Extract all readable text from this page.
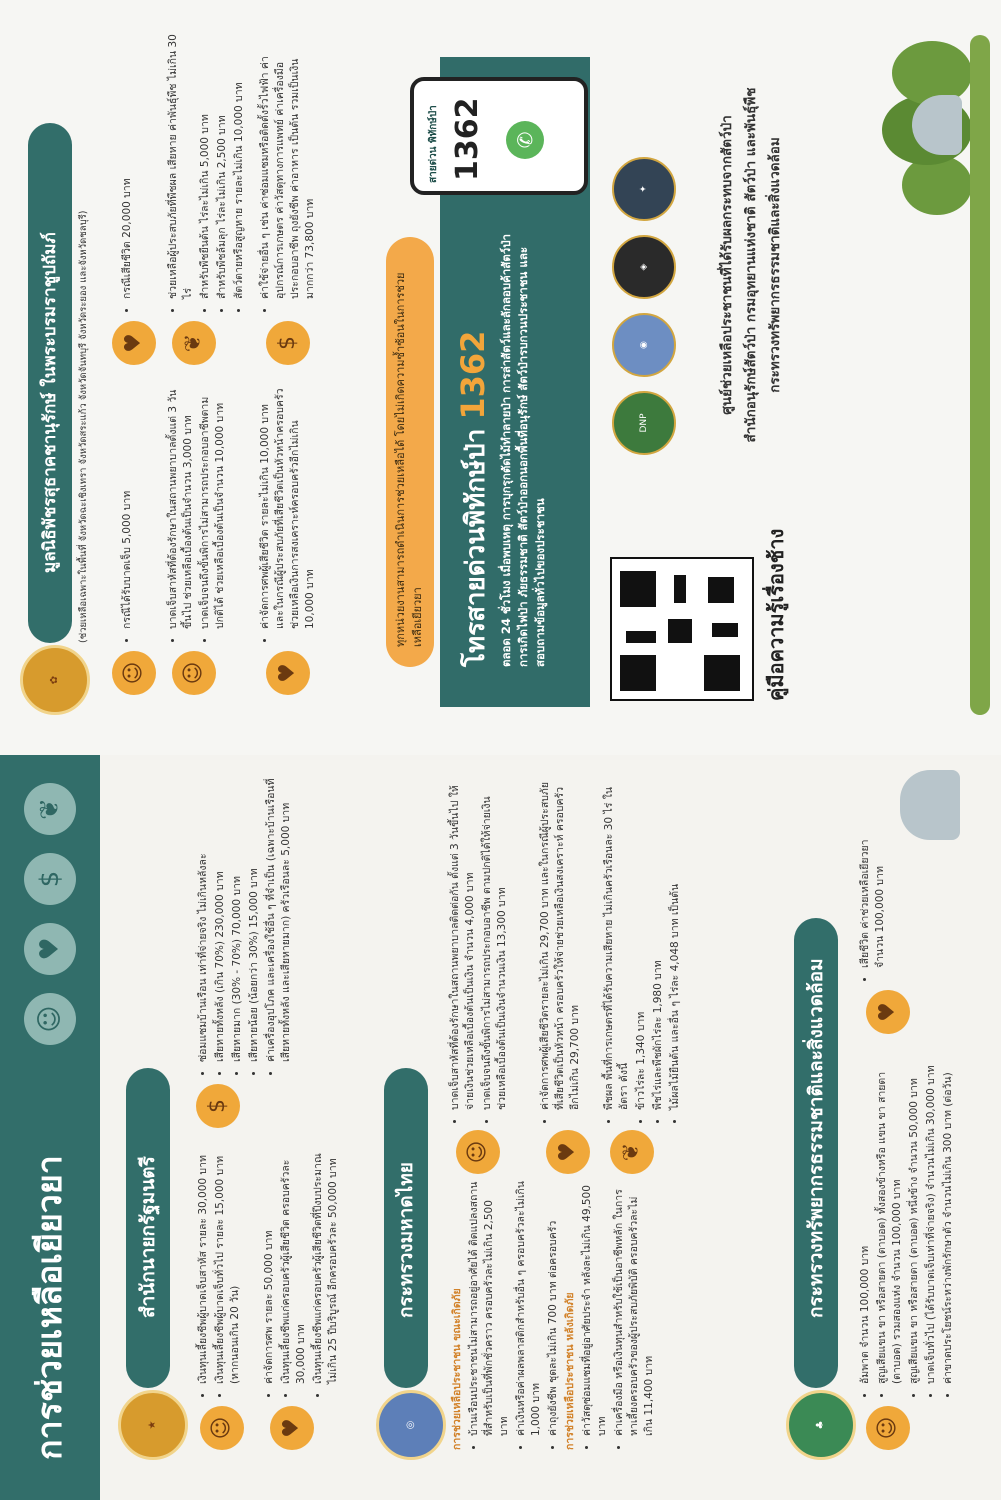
การช่วยเหลือเยียวยา
☺
♥
$
❦
★
สำนักนายกรัฐมนตรี
☺
• เงินทุนเลี้ยงชีพผู้บาดเจ็บสาหัส รายละ 30,000 บาท • เงินทุนเลี้ยงชีพผู้บาดเจ็บทั่วไป รายละ 15,000 บาท (หากนอนเกิน 20 วัน)
♥
• ค่าจัดการศพ รายละ 50,000 บาท • เงินทุนเลี้ยงชีพแก่ครอบครัวผู้เสียชีวิต ครอบครัวละ 30,000 บาท • เงินทุนเลี้ยงชีพแก่ครอบครัวผู้เสียชีวิตที่ปีงบประมาณไม่เกิน 25 ปีบริบูรณ์ อีกครอบครัวละ 50,000 บาท
$
• ซ่อมแซมบ้านเรือน เท่าที่จ่ายจริง ไม่เกินหลังละ • เสียหายทั้งหลัง (เกิน 70%) 230,000 บาท • เสียหายมาก (30% - 70%) 70,000 บาท • เสียหายน้อย (น้อยกว่า 30%) 15,000 บาท • ค่าเครื่องอุปโภค และเครื่องใช้อื่น ๆ ที่จำเป็น (เฉพาะบ้านเรือนที่เสียหายทั้งหลัง และเสียหายมาก) ครัวเรือนละ 5,000 บาท
◎
กระทรวงมหาดไทย
การช่วยเหลือประชาชน ขณะเกิดภัย • บ้านเรือนประชาชนไม่สามารถอยู่อาศัยได้ ติดแปลงสถานที่สำหรับเป็นที่พักชั่วคราว ครอบครัวละไม่เกิน 2,500 บาท • ค่าเงินหรือค่าผลพลาสติกสำหรับอื่น ๆ ครอบครัวละไม่เกิน 1,000 บาท • ค่าถุงยังชีพ ชุดละไม่เกิน 700 บาท ต่อครอบครัว การช่วยเหลือประชาชน หลังเกิดภัย • ค่าวัสดุซ่อมแซมที่อยู่อาศัยประจำ หลังละไม่เกิน 49,500 บาท • ค่าเครื่องมือ หรือเงินทุนสำหรับใช้เป็นอาชีพหลัก ในการหาเลี้ยงครอบครัวของผู้ประสบภัยพิบัติ ครอบครัวละไม่เกิน 11,400 บาท
☺
• บาดเจ็บสาหัสที่ต้องรักษาในสถานพยาบาลติดต่อกัน ตั้งแต่ 3 วันขึ้นไป ให้จ่ายเงินช่วยเหลือเบื้องต้นเป็นเงิน จำนวน 4,000 บาท • บาดเจ็บจนถึงขั้นพิการไม่สามารถประกอบอาชีพ ตามปกติได้ให้จ่ายเงินช่วยเหลือเบื้องต้นเป็นเงินจำนวนเงิน 13,300 บาท
♥
• ค่าจัดการศพผู้เสียชีวิตรายละไม่เกิน 29,700 บาท และในกรณีผู้ประสบภัยที่เสียชีวิตเป็นหัวหน้า ครอบครัวให้จ่ายช่วยเหลือเงินสงเคราะห์ ครอบครัวอีกไม่เกิน 29,700 บาท
❦
• พืชผล พื้นที่การเกษตรที่ได้รับความเสียหาย ไม่เกินครัวเรือนละ 30 ไร่ ในอัตรา ดังนี้ • ข้าวไร่ละ 1,340 บาท • พืชไร่และพืชผักไร่ละ 1,980 บาท • ไม้ผลไม้ยืนต้น และอื่น ๆ ไร่ละ 4,048 บาท เป็นต้น
♣
กระทรวงทรัพยากรธรรมชาติและสิ่งแวดล้อม
☺
• อัมพาต จำนวน 100,000 บาท • สูญเสียแขน ขา หรือสายตา (ตาบอด) ทั้งสองข้างหรือ แขน ขา สายตา (ตาบอด) รวมสองแห่ง จำนวน 100,000 บาท • สูญเสียแขน ขา หรือสายตา (ตาบอด) หนึ่งข้าง จำนวน 50,000 บาท • บาดเจ็บทั่วไป (ได้รับบาดเจ็บเท่าที่จ่ายจริง) จำนวนไม่เกิน 30,000 บาท • ค่าขาดประโยชน์ระหว่างพักรักษาตัว จำนวนไม่เกิน 300 บาท (ต่อวัน)
♥
• เสียชีวิต ค่าช่วยเหลือเยียวยา จำนวน 100,000 บาท
✿
มูลนิธิพัชรสุธาคชานุรักษ์ ในพระบรมราชูปถัมภ์	(ช่วยเหลือเฉพาะในพื้นที่ จังหวัดฉะเชิงเทรา จังหวัดสระแก้ว จังหวัดจันทบุรี จังหวัดระยอง และจังหวัดชลบุรี)
☺
• กรณีได้รับบาดเจ็บ 5,000 บาท
☺
• บาดเจ็บสาหัสที่ต้องรักษาในสถานพยาบาลตั้งแต่ 3 วันขึ้นไป ช่วยเหลือเบื้องต้นเป็นจำนวน 3,000 บาท • บาดเจ็บจนถึงขั้นพิการไม่สามารถประกอบอาชีพตาม ปกติได้ ช่วยเหลือเบื้องต้นเป็นจำนวน 10,000 บาท
♥
• ค่าจัดการศพผู้เสียชีวิต รายละไม่เกิน 10,000 บาท และในกรณีผู้ประสบภัยที่เสียชีวิตเป็นหัวหน้าครอบครัว ช่วยเหลือเงินการสงเคราะห์ครอบครัวอีกไม่เกิน 10,000 บาท
♥
• กรณีเสียชีวิต 20,000 บาท
❦
• ช่วยเหลือผู้ประสบภัยที่พืชผล เสียหาย ค่าพันธุ์พืช ไม่เกิน 30 ไร่ • สำหรับพืชยืนต้น ไร่ละไม่เกิน 5,000 บาท • สำหรับพืชล้มลุก ไร่ละไม่เกิน 2,500 บาท • สัตว์ตายหรือสูญหาย รายละไม่เกิน 10,000 บาท
$
• ค่าใช้จ่ายอื่น ๆ เช่น ค่าซ่อมแซมหรือติดตั้งรั้วไฟฟ้า ค่าอุปกรณ์การเกษตร ค่าวัสดุทางการแพทย์ ค่าเครื่องมือประกอบอาชีพ ถุงยังชีพ ค่าอาหาร เป็นต้น รวมเป็นเงินมากกว่า 73,800 บาท
โทรสายด่วนพิทักษ์ป่า 1362 ตลอด 24 ชั่วโมง เมื่อพบเหตุ การบุกรุกตัดไม้ทำลายป่า การล่าสัตว์และลักลอบค้าสัตว์ป่า การเกิดไฟป่า ภัยธรรมชาติ สัตว์ป่าออกนอกพื้นที่อนุรักษ์ สัตว์ป่ารบกวนประชาชน และสอบถามข้อมูลทั่วไปของประชาชน
สายด่วน พิทักษ์ป่า 1362	✆
ทุกหน่วยงานสามารถดำเนินการช่วยเหลือได้ โดยไม่เกิดความซ้ำซ้อนในการช่วยเหลือเยียวยา	คู่มือความรู้เรื่องช้าง
DNP
◉
◈
✦	ศูนย์ช่วยเหลือประชาชนที่ได้รับผลกระทบจากสัตว์ป่า สำนักอนุรักษ์สัตว์ป่า กรมอุทยานแห่งชาติ สัตว์ป่า และพันธุ์พืช กระทรวงทรัพยากรธรรมชาติและสิ่งแวดล้อม
